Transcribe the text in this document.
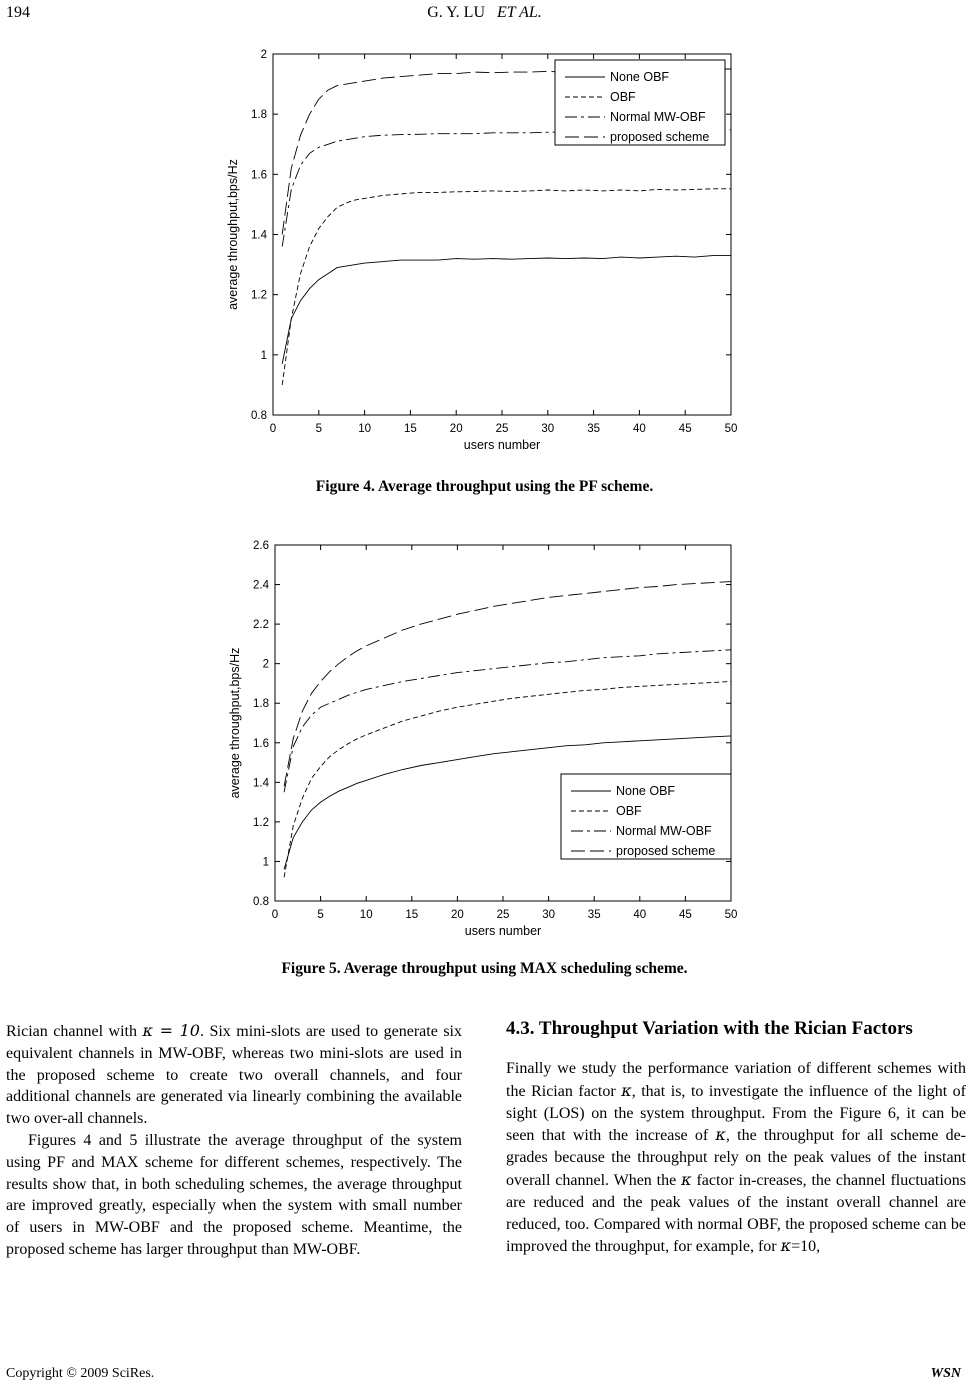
194	G. Y. LU ET AL.
0	5	10	15	20	25	30	35	40	45	50
0.8
1
1.2
1.4
1.6
1.8
2
users number
average throughput,bps/Hz
None OBF
OBF
Normal MW-OBF
proposed scheme
Figure 4. Average throughput using the PF scheme.
0	5	10	15	20	25	30	35	40	45	50
0.8
1
1.2
1.4
1.6
1.8
2
2.2
2.4
2.6
users number
average throughput,bps/Hz	None OBF
OBF
Normal MW-OBF
proposed scheme
Figure 5. Average throughput using MAX scheduling scheme.

Rician channel with κ = 10. Six mini-slots are used to generate six equivalent channels in MW-OBF, whereas two mini-slots are used in the proposed scheme to create two overall channels, and four additional channels are generated via linearly combining the available two over-all channels.

Figures 4 and 5 illustrate the average throughput of the system using PF and MAX scheme for different schemes, respectively. The results show that, in both scheduling schemes, the average throughput are improved greatly, especially when the system with small number of users in MW-OBF and the proposed scheme. Meantime, the proposed scheme has larger throughput than MW-OBF.

4.3. Throughput Variation with the Rician Factors
Finally we study the performance variation of different schemes with the Rician factor κ, that is, to investigate the influence of the light of sight (LOS) on the system throughput. From the Figure 6, it can be seen that with the increase of κ, the throughput for all scheme de-grades because the throughput rely on the peak values of the instant overall channel. When the κ factor in-creases, the channel fluctuations are reduced and the peak values of the instant overall channel are reduced, too. Compared with normal OBF, the proposed scheme can be improved the throughput, for example, for κ=10,
Copyright © 2009 SciRes.	WSN
